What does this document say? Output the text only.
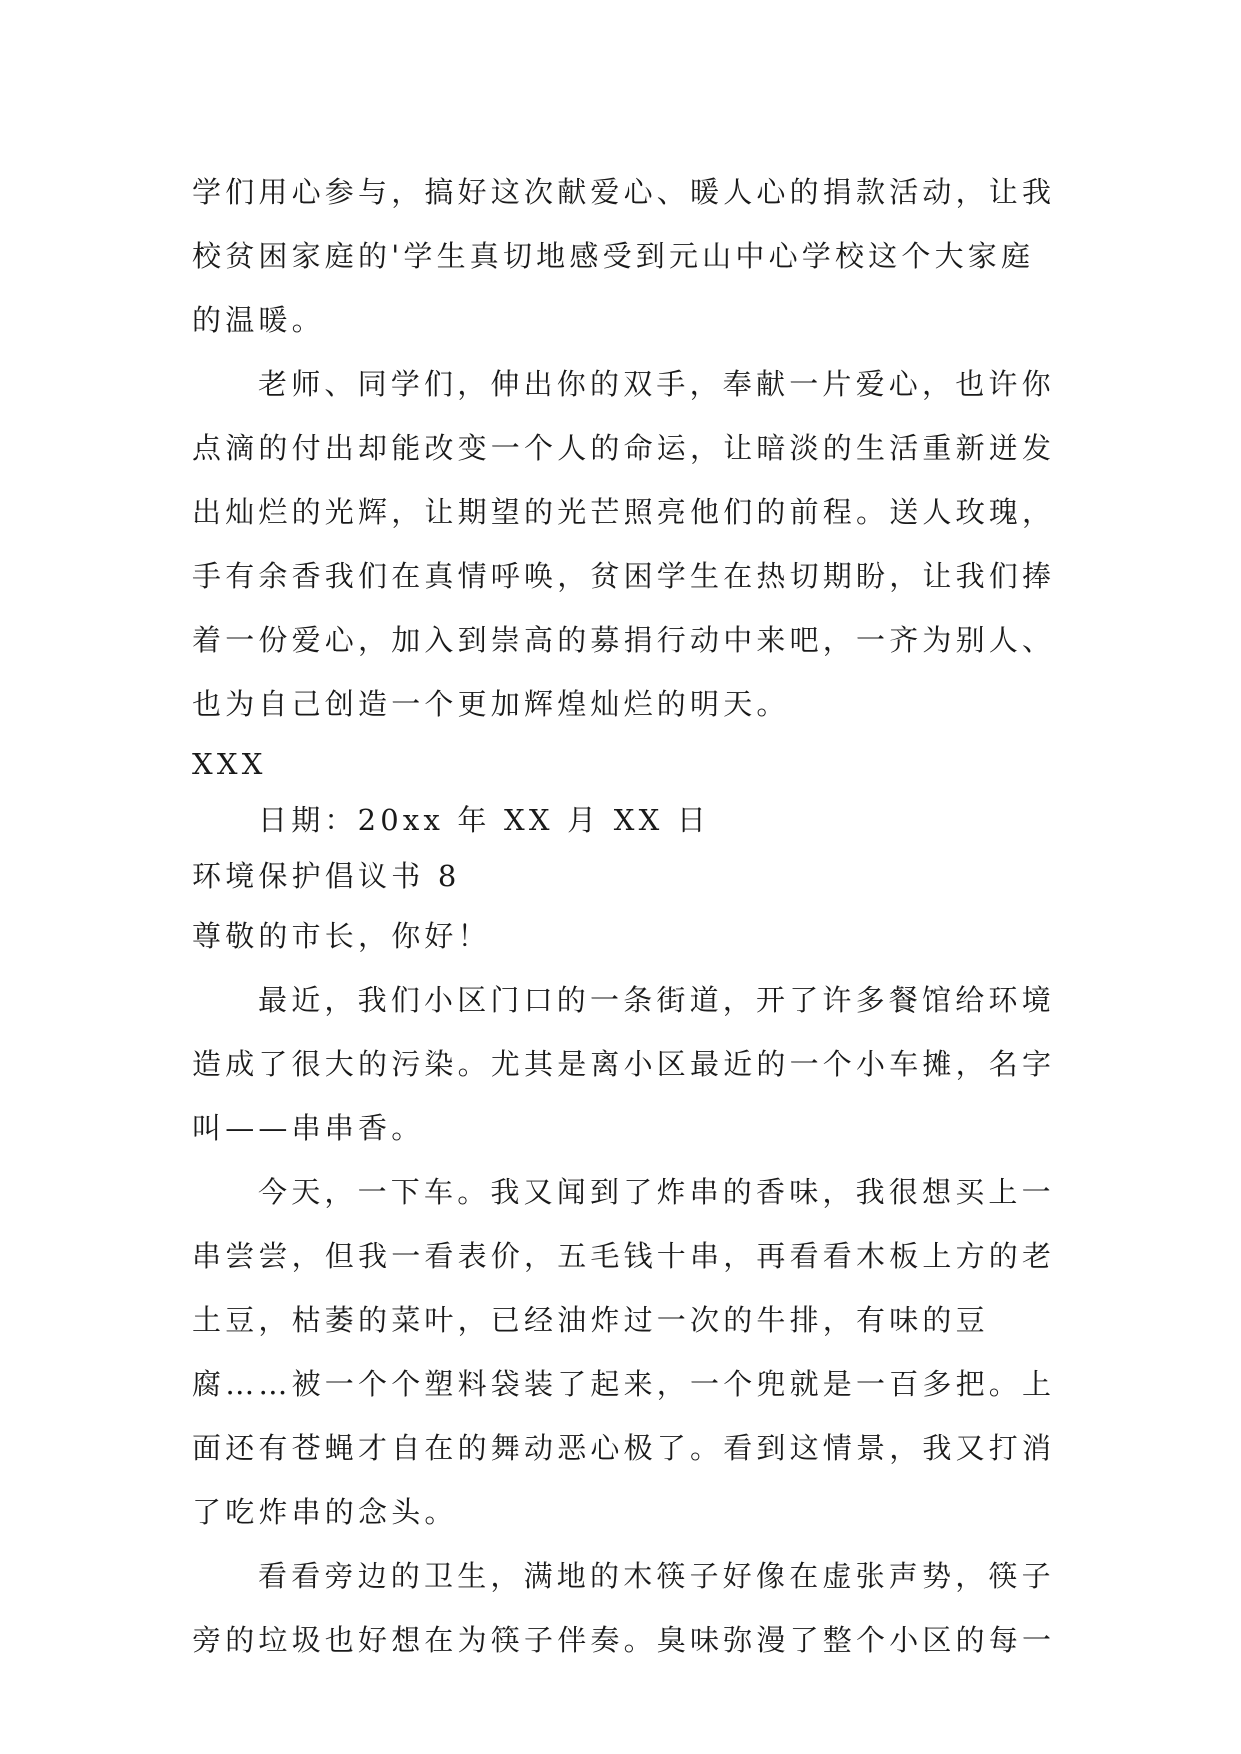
学们用心参与，搞好这次献爱心、暖人心的捐款活动，让我
校贫困家庭的'学生真切地感受到元山中心学校这个大家庭
的温暖。
老师、同学们，伸出你的双手，奉献一片爱心，也许你
点滴的付出却能改变一个人的命运，让暗淡的生活重新迸发
出灿烂的光辉，让期望的光芒照亮他们的前程。送人玫瑰，
手有余香我们在真情呼唤，贫困学生在热切期盼，让我们捧
着一份爱心，加入到崇高的募捐行动中来吧，一齐为别人、
也为自己创造一个更加辉煌灿烂的明天。
XXX
日期：20xx 年 XX 月 XX 日
环境保护倡议书 8
尊敬的市长，你好！
最近，我们小区门口的一条街道，开了许多餐馆给环境
造成了很大的污染。尤其是离小区最近的一个小车摊，名字
叫——串串香。
今天，一下车。我又闻到了炸串的香味，我很想买上一
串尝尝，但我一看表价，五毛钱十串，再看看木板上方的老
土豆，枯萎的菜叶，已经油炸过一次的牛排，有味的豆
腐……被一个个塑料袋装了起来，一个兜就是一百多把。上
面还有苍蝇才自在的舞动恶心极了。看到这情景，我又打消
了吃炸串的念头。
看看旁边的卫生，满地的木筷子好像在虚张声势，筷子
旁的垃圾也好想在为筷子伴奏。臭味弥漫了整个小区的每一
